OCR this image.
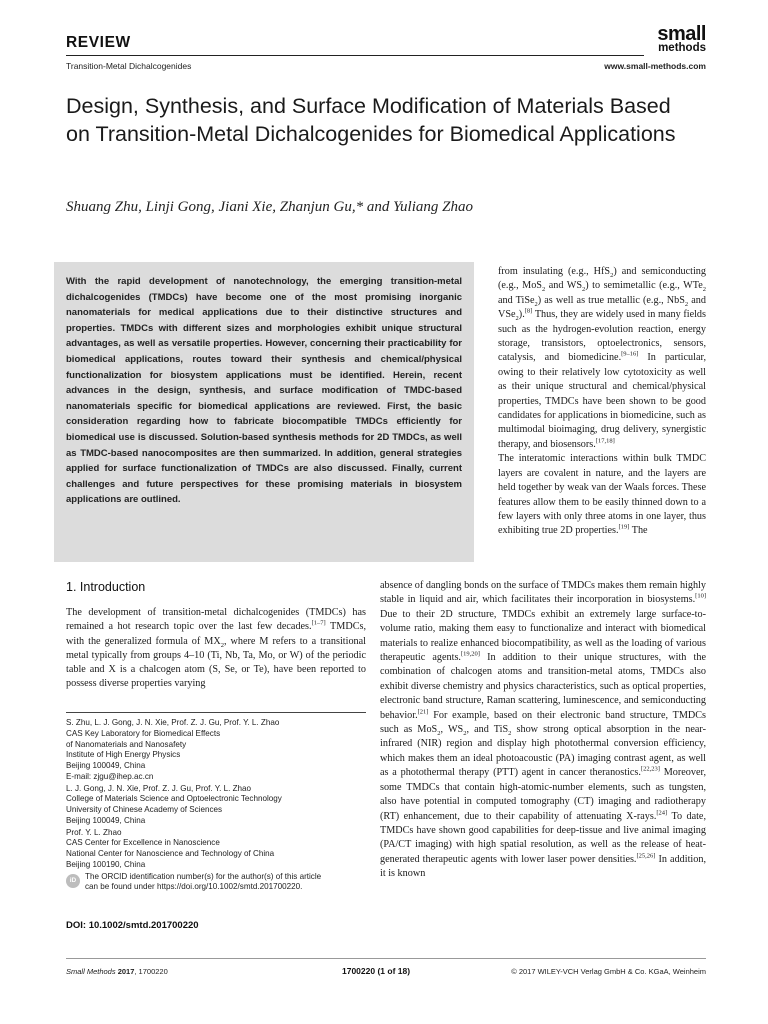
REVIEW
Transition-Metal Dichalcogenides
small
methods
www.small-methods.com
Design, Synthesis, and Surface Modification of Materials Based on Transition-Metal Dichalcogenides for Biomedical Applications
Shuang Zhu, Linji Gong, Jiani Xie, Zhanjun Gu,* and Yuliang Zhao

With the rapid development of nanotechnology, the emerging transition-metal dichalcogenides (TMDCs) have become one of the most promising inorganic nanomaterials for medical applications due to their distinctive structures and properties. TMDCs with different sizes and morphologies exhibit unique structural advantages, as well as versatile properties. However, concerning their practicability for biomedical applications, routes toward their synthesis and chemical/physical functionalization for biosystem applications must be identified. Herein, recent advances in the design, synthesis, and surface modification of TMDC-based nanomaterials specific for biomedical applications are reviewed. First, the basic consideration regarding how to fabricate biocompatible TMDCs efficiently for biomedical use is discussed. Solution-based synthesis methods for 2D TMDCs, as well as TMDC-based nanocomposites are then summarized. In addition, general strategies applied for surface functionalization of TMDCs are also discussed. Finally, current challenges and future perspectives for these promising materials in biosystem applications are outlined.

from insulating (e.g., HfS$_2$) and semiconducting (e.g., MoS$_2$ and $WS_2$) to semimetallic (e.g., WTe$_2$ and TiSe$_2$) as well as true metallic (e.g., NbS$_2$ and VSe$_2$).[8] Thus, they are widely used in many fields such as the hydrogen-evolution reaction, energy storage, transistors, optoelectronics, sensors, catalysis, and biomedicine.[9–16] In particular, owing to their relatively low cytotoxicity as well as their unique structural and chemical/physical properties, TMDCs have been shown to be good candidates for applications in biomedicine, such as multimodal bioimaging, drug delivery, synergistic therapy, and biosensors.[17,18]

The interatomic interactions within bulk TMDC layers are covalent in nature, and the layers are held together by weak van der Waals forces. These features allow them to be easily thinned down to a few layers with only three atoms in one layer, thus exhibiting true 2D properties.[19] The

1. Introduction
The development of transition-metal dichalcogenides (TMDCs) has remained a hot research topic over the last few decades.[1–7] TMDCs, with the generalized formula of $MX_2$, where M refers to a transitional metal typically from groups 4–10 (Ti, Nb, Ta, Mo, or W) of the periodic table and X is a chalcogen atom (S, Se, or Te), have been reported to possess diverse properties varying

absence of dangling bonds on the surface of TMDCs makes them remain highly stable in liquid and air, which facilitates their incorporation in biosystems.[10] Due to their 2D structure, TMDCs exhibit an extremely large surface-to-volume ratio, making them easy to functionalize and interact with biomedical materials to realize enhanced biocompatibility, as well as the loading of various therapeutic agents.[19,20] In addition to their unique structures, with the combination of chalcogen atoms and transition-metal atoms, TMDCs also exhibit diverse chemistry and physics characteristics, such as optical properties, electronic band structure, Raman scattering, luminescence, and semiconducting behavior.[21] For example, based on their electronic band structure, TMDCs such as MoS$_2$, $WS_2$, and TiS$_2$ show strong optical absorption in the near-infrared (NIR) region and display high photothermal conversion efficiency, which makes them an ideal photoacoustic (PA) imaging contrast agent, as well as a photothermal therapy (PTT) agent in cancer theranostics.[22,23] Moreover, some TMDCs that contain high-atomic-number elements, such as tungsten, also have potential in computed tomography (CT) imaging and radiotherapy (RT) enhancement, due to their capability of attenuating X-rays.[24] To date, TMDCs have shown good capabilities for deep-tissue and live animal imaging (PA/CT imaging) with high spatial resolution, as well as the release of heat-generated therapeutic agents with lower laser power densities.[25,26] In addition, it is known

S. Zhu, L. J. Gong, J. N. Xie, Prof. Z. J. Gu, Prof. Y. L. Zhao
CAS Key Laboratory for Biomedical Effects
of Nanomaterials and Nanosafety
Institute of High Energy Physics
Beijing 100049, China
E-mail: zjgu@ihep.ac.cn
L. J. Gong, J. N. Xie, Prof. Z. J. Gu, Prof. Y. L. Zhao
College of Materials Science and Optoelectronic Technology
University of Chinese Academy of Sciences
Beijing 100049, China
Prof. Y. L. Zhao
CAS Center for Excellence in Nanoscience
National Center for Nanoscience and Technology of China
Beijing 100190, China
iD	The ORCID identification number(s) for the author(s) of this article
can be found under https://doi.org/10.1002/smtd.201700220.
DOI: 10.1002/smtd.201700220
Small Methods 2017, 1700220	1700220 (1 of 18)	© 2017 WILEY-VCH Verlag GmbH & Co. KGaA, Weinheim
